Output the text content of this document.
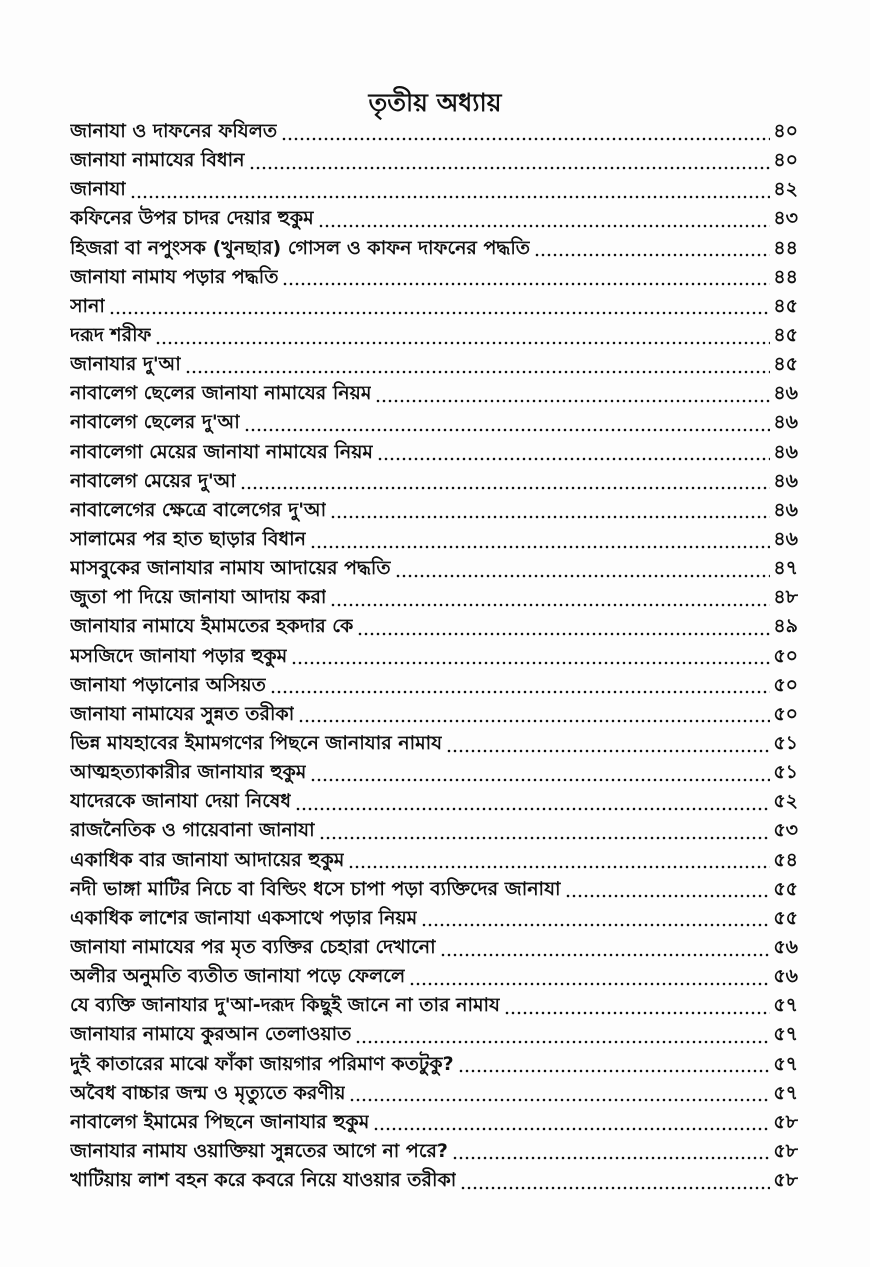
তৃতীয় অধ্যায়
জানাযা ও দাফনের ফযিলত	৪০
জানাযা নামাযের বিধান	৪০
জানাযা	৪২
কফিনের উপর চাদর দেয়ার হুকুম	৪৩
হিজরা বা নপুংসক (খুনছার) গোসল ও কাফন দাফনের পদ্ধতি	৪৪
জানাযা নামায পড়ার পদ্ধতি	৪৪
সানা	৪৫
দরূদ শরীফ	৪৫
জানাযার দু'আ	৪৫
নাবালেগ ছেলের জানাযা নামাযের নিয়ম	৪৬
নাবালেগ ছেলের দু'আ	৪৬
নাবালেগা মেয়ের জানাযা নামাযের নিয়ম	৪৬
নাবালেগ মেয়ের দু'আ	৪৬
নাবালেগের ক্ষেত্রে বালেগের দু'আ	৪৬
সালামের পর হাত ছাড়ার বিধান	৪৬
মাসবুকের জানাযার নামায আদায়ের পদ্ধতি	৪৭
জুতা পা দিয়ে জানাযা আদায় করা	৪৮
জানাযার নামাযে ইমামতের হকদার কে	৪৯
মসজিদে জানাযা পড়ার হুকুম	৫০
জানাযা পড়ানোর অসিয়ত	৫০
জানাযা নামাযের সুন্নত তরীকা	৫০
ভিন্ন মাযহাবের ইমামগণের পিছনে জানাযার নামায	৫১
আত্মহত্যাকারীর জানাযার হুকুম	৫১
যাদেরকে জানাযা দেয়া নিষেধ	৫২
রাজনৈতিক ও গায়েবানা জানাযা	৫৩
একাধিক বার জানাযা আদায়ের হুকুম	৫৪
নদী ভাঙ্গা মাটির নিচে বা বিল্ডিং ধসে চাপা পড়া ব্যক্তিদের জানাযা	৫৫
একাধিক লাশের জানাযা একসাথে পড়ার নিয়ম	৫৫
জানাযা নামাযের পর মৃত ব্যক্তির চেহারা দেখানো	৫৬
অলীর অনুমতি ব্যতীত জানাযা পড়ে ফেললে	৫৬
যে ব্যক্তি জানাযার দু'আ-দরূদ কিছুই জানে না তার নামায	৫৭
জানাযার নামাযে কুরআন তেলাওয়াত	৫৭
দুই কাতারের মাঝে ফাঁকা জায়গার পরিমাণ কতটুকু?	৫৭
অবৈধ বাচ্চার জন্ম ও মৃত্যুতে করণীয়	৫৭
নাবালেগ ইমামের পিছনে জানাযার হুকুম	৫৮
জানাযার নামায ওয়াক্তিয়া সুন্নতের আগে না পরে?	৫৮
খাটিয়ায় লাশ বহন করে কবরে নিয়ে যাওয়ার তরীকা	৫৮
